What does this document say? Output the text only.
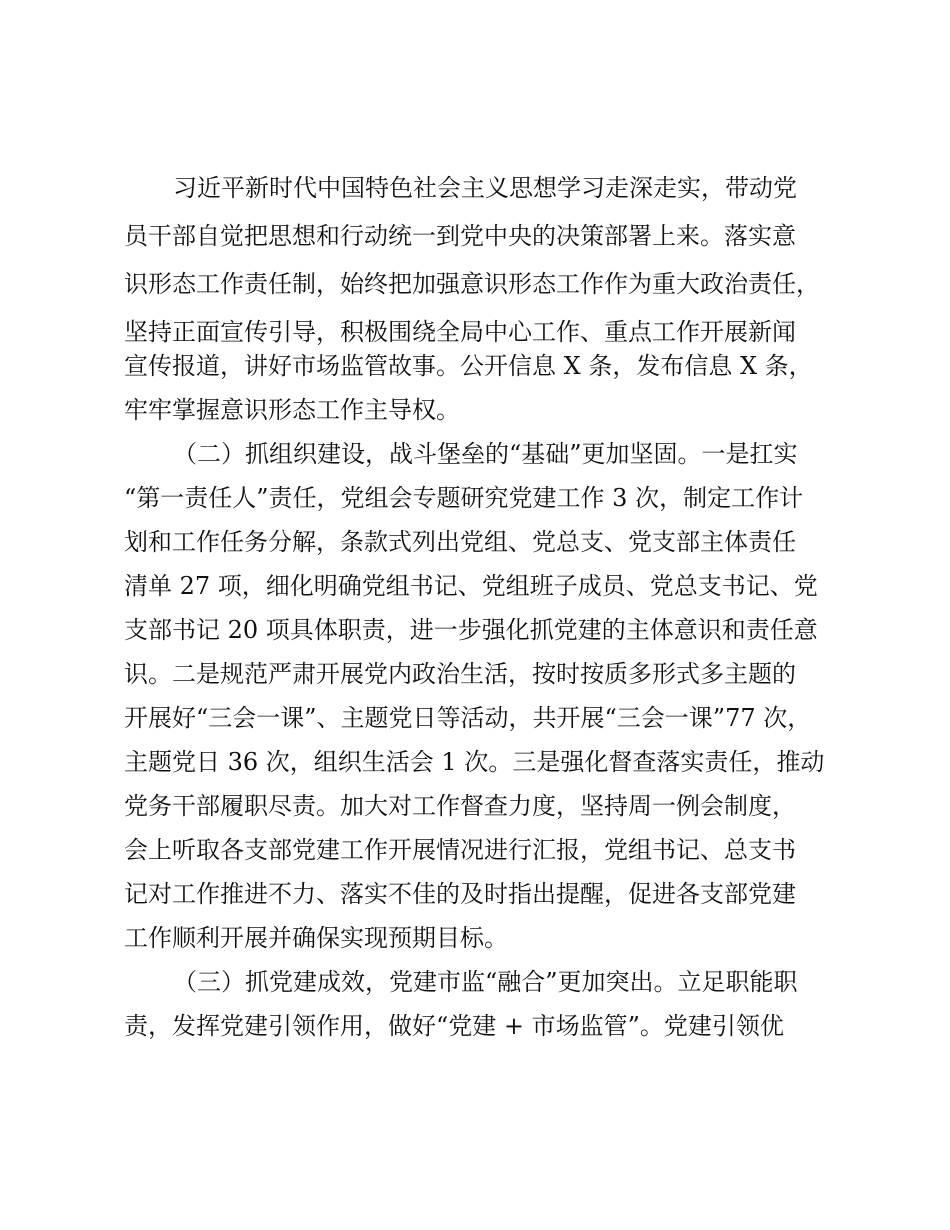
习近平新时代中国特色社会主义思想学习走深走实，带动党
员干部自觉把思想和行动统一到党中央的决策部署上来。落实意
识形态工作责任制，始终把加强意识形态工作作为重大政治责任，
坚持正面宣传引导，积极围绕全局中心工作、重点工作开展新闻
宣传报道，讲好市场监管故事。公开信息 X 条，发布信息 X 条，
牢牢掌握意识形态工作主导权。
（二）抓组织建设，战斗堡垒的“基础”更加坚固。一是扛实
“第一责任人”责任，党组会专题研究党建工作 3 次，制定工作计
划和工作任务分解，条款式列出党组、党总支、党支部主体责任
清单 27 项，细化明确党组书记、党组班子成员、党总支书记、党
支部书记 20 项具体职责，进一步强化抓党建的主体意识和责任意
识。二是规范严肃开展党内政治生活，按时按质多形式多主题的
开展好“三会一课”、主题党日等活动，共开展“三会一课”77 次，
主题党日 36 次，组织生活会 1 次。三是强化督查落实责任，推动
党务干部履职尽责。加大对工作督查力度，坚持周一例会制度，
会上听取各支部党建工作开展情况进行汇报，党组书记、总支书
记对工作推进不力、落实不佳的及时指出提醒，促进各支部党建
工作顺利开展并确保实现预期目标。
（三）抓党建成效，党建市监“融合”更加突出。立足职能职
责，发挥党建引领作用，做好“党建 + 市场监管”。党建引领优
